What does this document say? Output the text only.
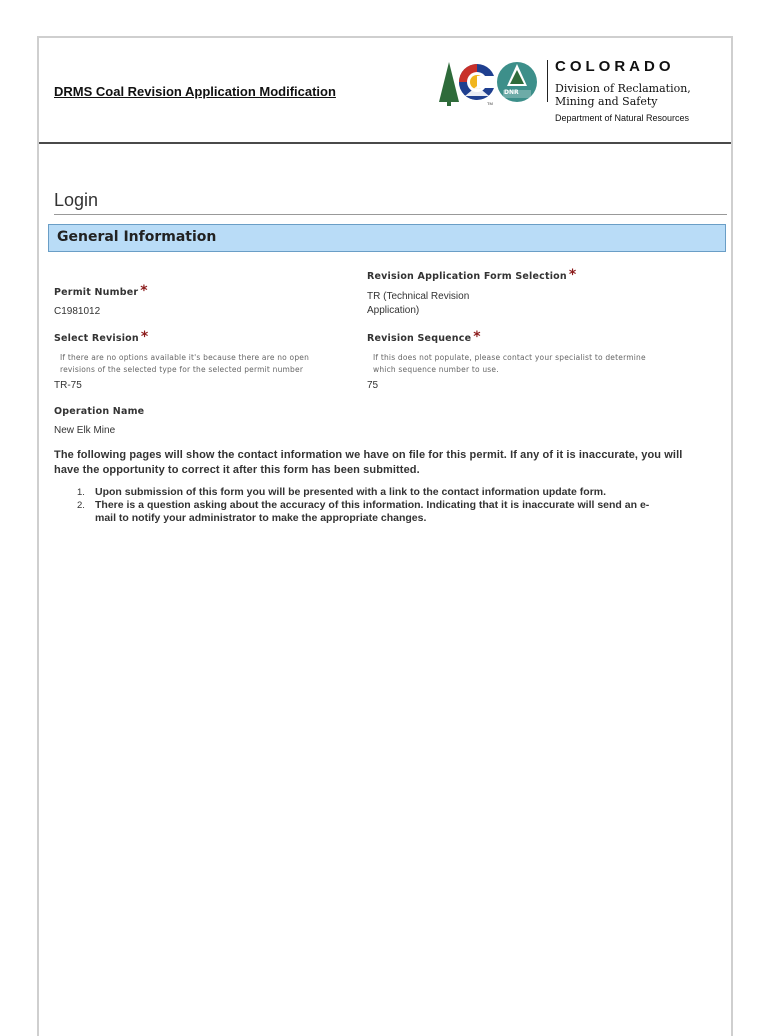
DRMS Coal Revision Application Modification	DNR
TM
COLORADO
Division of Reclamation,
Mining and Safety
Department of Natural Resources
Login
General Information
Revision Application Form Selection *
TR (Technical Revision
Application)
Permit Number *
C1981012
Select Revision *
If there are no options available it's because there are no open
revisions of the selected type for the selected permit number
TR-75
Revision Sequence *
If this does not populate, please contact your specialist to determine
which sequence number to use.
75
Operation Name
New Elk Mine
The following pages will show the contact information we have on file for this permit. If any of it is inaccurate, you will
have the opportunity to correct it after this form has been submitted.
1. Upon submission of this form you will be presented with a link to the contact information update form.
2. There is a question asking about the accuracy of this information. Indicating that it is inaccurate will send an e-
mail to notify your administrator to make the appropriate changes.
